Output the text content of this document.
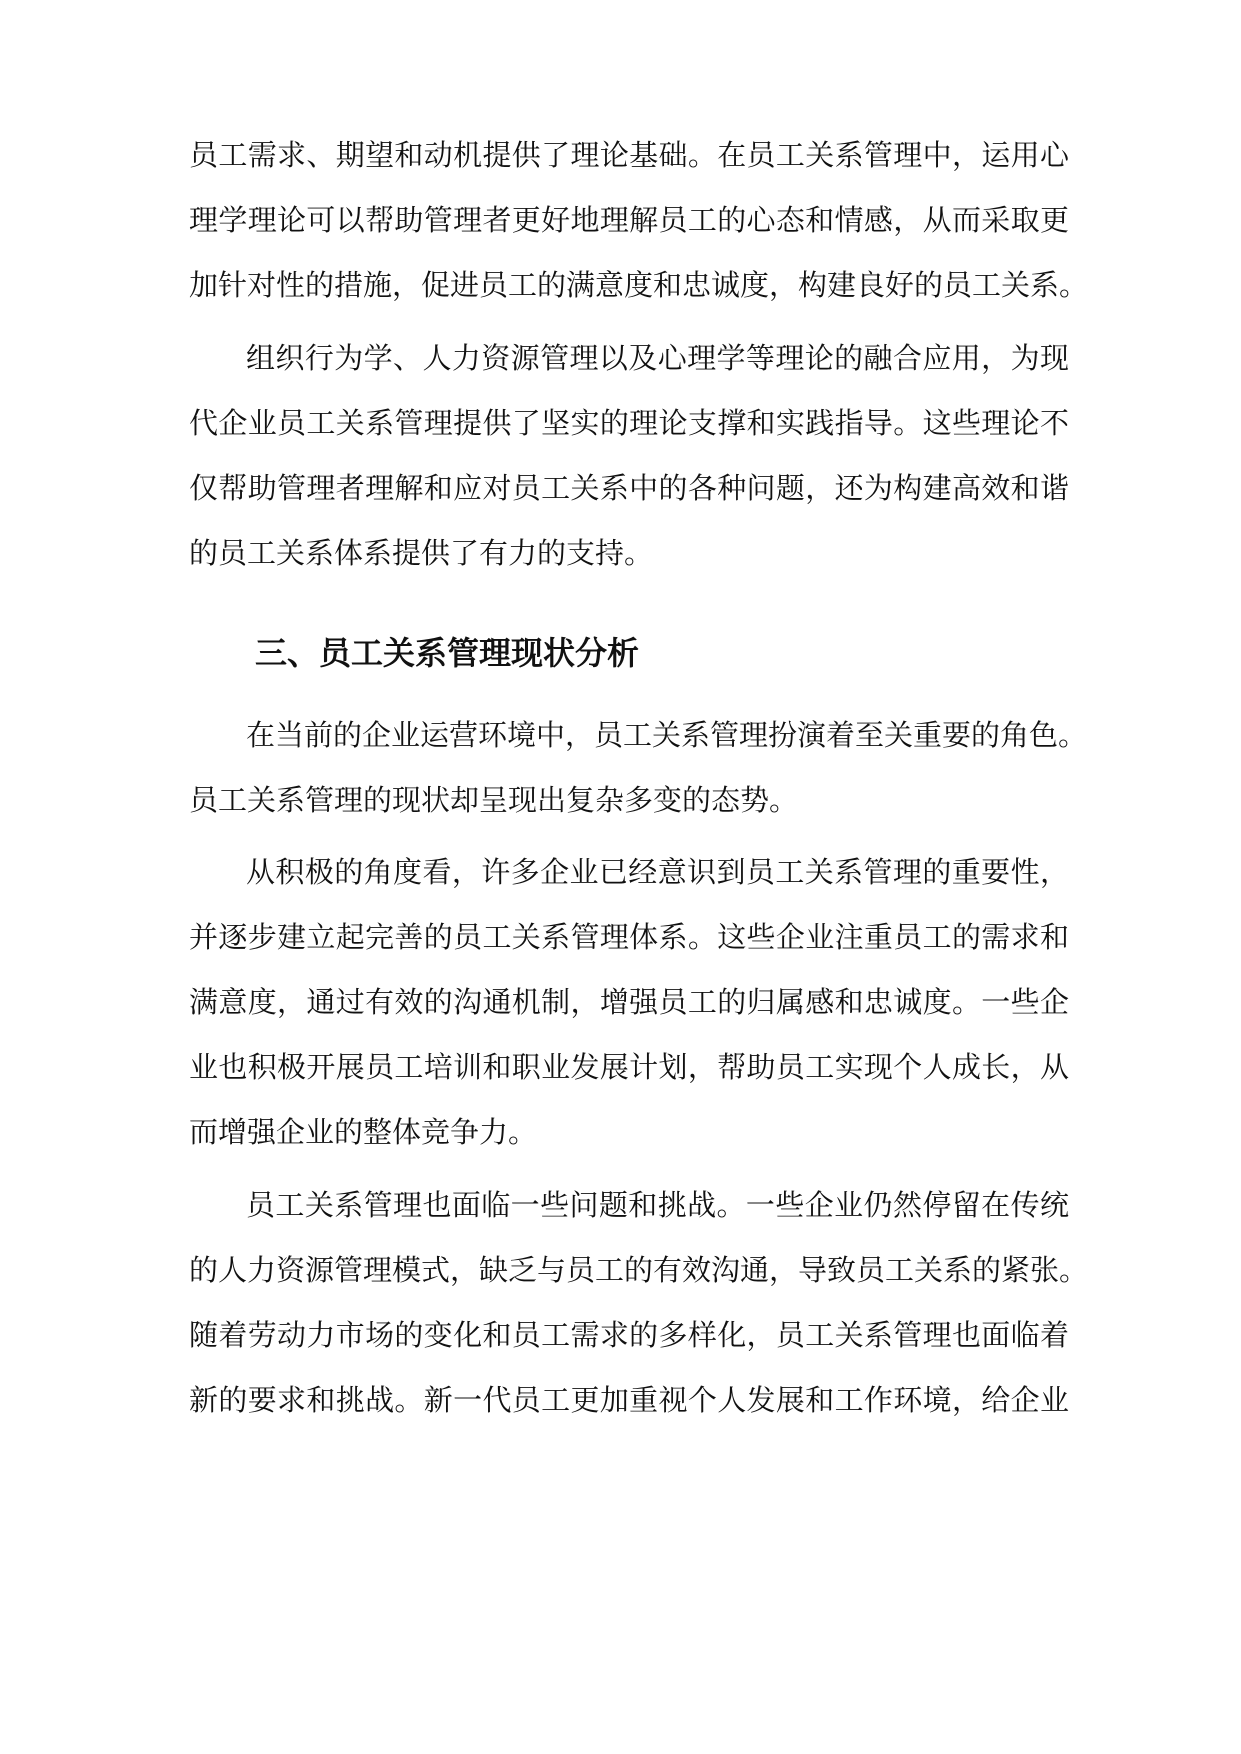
员工需求、期望和动机提供了理论基础。在员工关系管理中，运用心
理学理论可以帮助管理者更好地理解员工的心态和情感，从而采取更
加针对性的措施，促进员工的满意度和忠诚度，构建良好的员工关系。
组织行为学、人力资源管理以及心理学等理论的融合应用，为现
代企业员工关系管理提供了坚实的理论支撑和实践指导。这些理论不
仅帮助管理者理解和应对员工关系中的各种问题，还为构建高效和谐
的员工关系体系提供了有力的支持。
三、员工关系管理现状分析
在当前的企业运营环境中，员工关系管理扮演着至关重要的角色。
员工关系管理的现状却呈现出复杂多变的态势。
从积极的角度看，许多企业已经意识到员工关系管理的重要性，
并逐步建立起完善的员工关系管理体系。这些企业注重员工的需求和
满意度，通过有效的沟通机制，增强员工的归属感和忠诚度。一些企
业也积极开展员工培训和职业发展计划，帮助员工实现个人成长，从
而增强企业的整体竞争力。
员工关系管理也面临一些问题和挑战。一些企业仍然停留在传统
的人力资源管理模式，缺乏与员工的有效沟通，导致员工关系的紧张。
随着劳动力市场的变化和员工需求的多样化，员工关系管理也面临着
新的要求和挑战。新一代员工更加重视个人发展和工作环境，给企业
